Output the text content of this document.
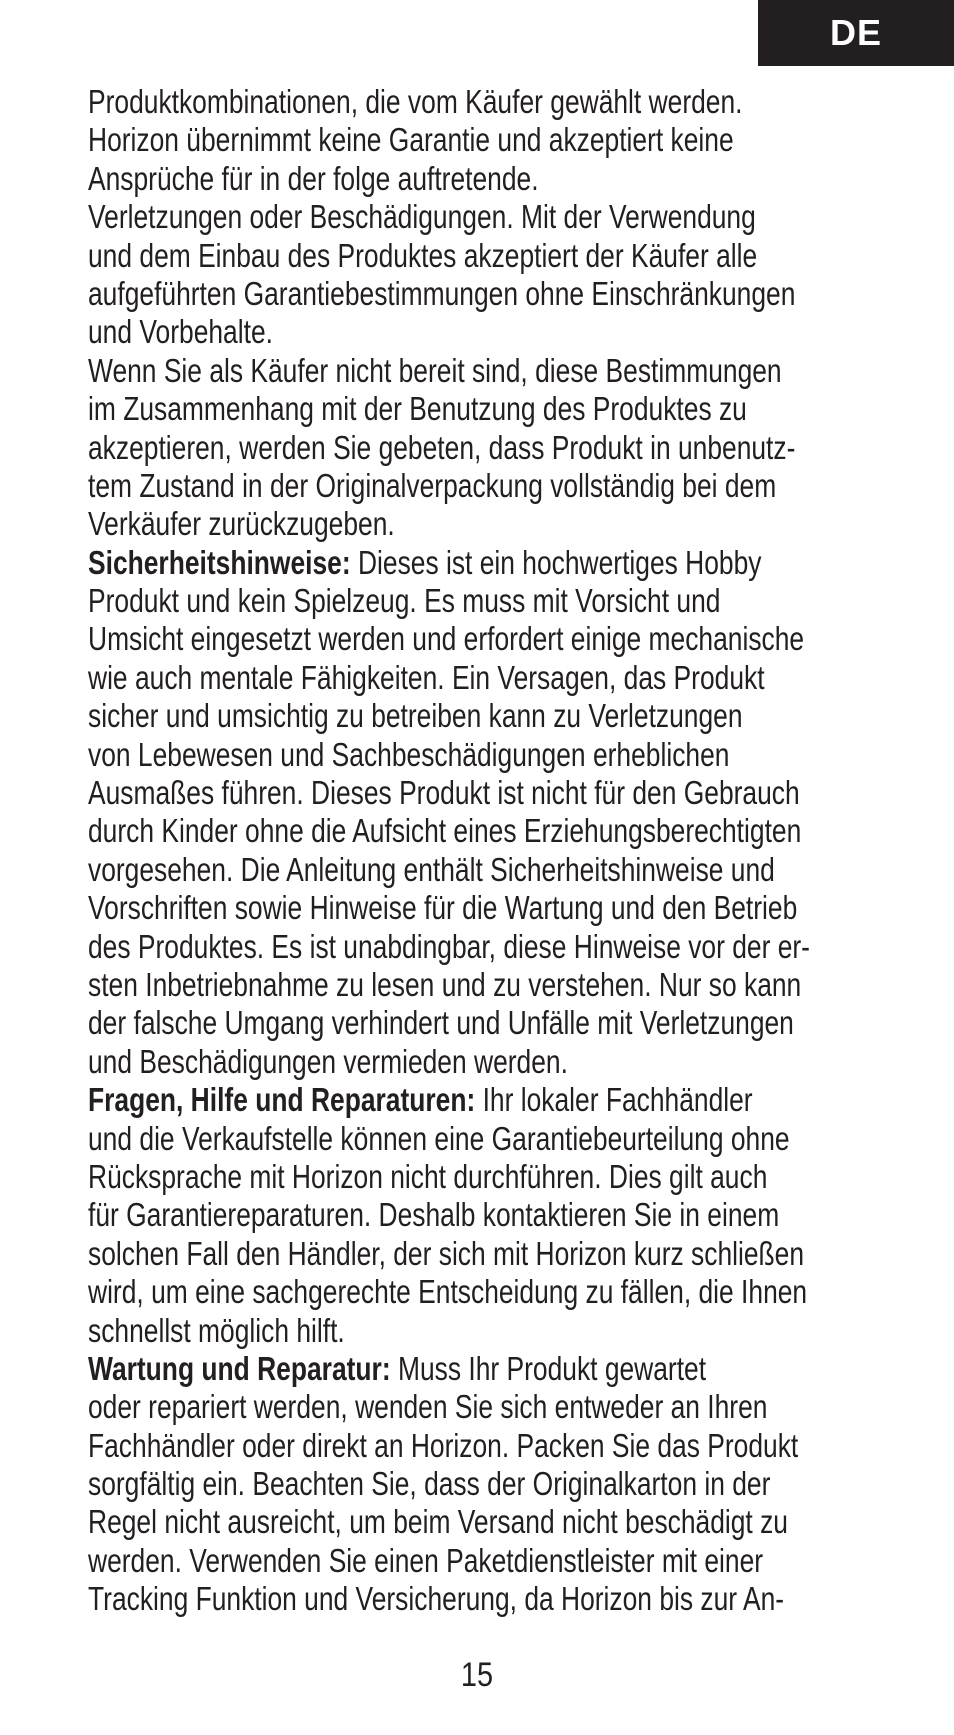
DE
Produktkombinationen, die vom Käufer gewählt werden.
Horizon übernimmt keine Garantie und akzeptiert keine
Ansprüche für in der folge auftretende.
Verletzungen oder Beschädigungen. Mit der Verwendung
und dem Einbau des Produktes akzeptiert der Käufer alle
aufgeführten Garantiebestimmungen ohne Einschränkungen
und Vorbehalte.
Wenn Sie als Käufer nicht bereit sind, diese Bestimmungen
im Zusammenhang mit der Benutzung des Produktes zu
akzeptieren, werden Sie gebeten, dass Produkt in unbenutz-
tem Zustand in der Originalverpackung vollständig bei dem
Verkäufer zurückzugeben.
Sicherheitshinweise: Dieses ist ein hochwertiges Hobby
Produkt und kein Spielzeug. Es muss mit Vorsicht und
Umsicht eingesetzt werden und erfordert einige mechanische
wie auch mentale Fähigkeiten. Ein Versagen, das Produkt
sicher und umsichtig zu betreiben kann zu Verletzungen
von Lebewesen und Sachbeschädigungen erheblichen
Ausmaßes führen. Dieses Produkt ist nicht für den Gebrauch
durch Kinder ohne die Aufsicht eines Erziehungsberechtigten
vorgesehen. Die Anleitung enthält Sicherheitshinweise und
Vorschriften sowie Hinweise für die Wartung und den Betrieb
des Produktes. Es ist unabdingbar, diese Hinweise vor der er-
sten Inbetriebnahme zu lesen und zu verstehen. Nur so kann
der falsche Umgang verhindert und Unfälle mit Verletzungen
und Beschädigungen vermieden werden.
Fragen, Hilfe und Reparaturen: Ihr lokaler Fachhändler
und die Verkaufstelle können eine Garantiebeurteilung ohne
Rücksprache mit Horizon nicht durchführen. Dies gilt auch
für Garantiereparaturen. Deshalb kontaktieren Sie in einem
solchen Fall den Händler, der sich mit Horizon kurz schließen
wird, um eine sachgerechte Entscheidung zu fällen, die Ihnen
schnellst möglich hilft.
Wartung und Reparatur: Muss Ihr Produkt gewartet
oder repariert werden, wenden Sie sich entweder an Ihren
Fachhändler oder direkt an Horizon. Packen Sie das Produkt
sorgfältig ein. Beachten Sie, dass der Originalkarton in der
Regel nicht ausreicht, um beim Versand nicht beschädigt zu
werden. Verwenden Sie einen Paketdienstleister mit einer
Tracking Funktion und Versicherung, da Horizon bis zur An-
15
